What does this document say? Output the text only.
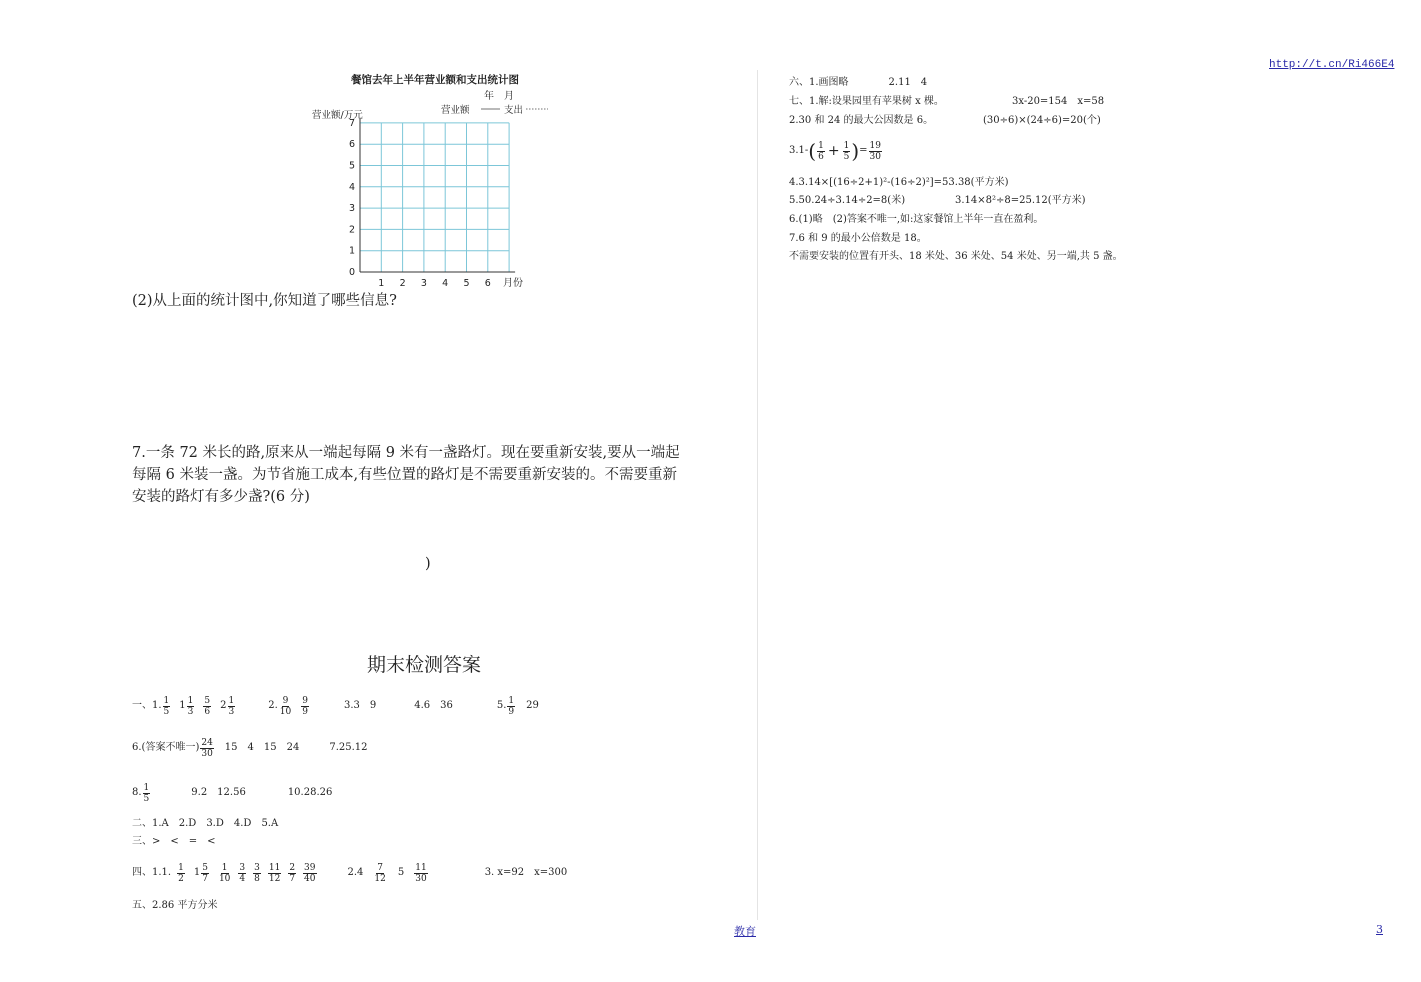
http://t.cn/Ri466E4
餐馆去年上半年营业额和支出统计图
年　月
营业额/万元	营业额	支出
0
1
2
3
4
5
6
7
1 2 3 4 5 6 月份
(2)从上面的统计图中,你知道了哪些信息?
7.一条 72 米长的路,原来从一端起每隔 9 米有一盏路灯。现在要重新安装,要从一端起
每隔 6 米装一盏。为节省施工成本,有些位置的路灯是不需要重新安装的。不需要重新
安装的路灯有多少盏?(6 分)
)
期末检测答案
一、1. $\frac{1}{5} 1 \frac{1}{3} \frac{5}{6} 2 \frac{1}{3}$	2. $\frac{9}{10} \frac{9}{9}$	3.3　9	4.6　36	5. $\frac{1}{9} 29$
6.(答案不唯一) $\frac{24}{30} 15$　4　15　24	7.25.12
8. $\frac{1}{5}$	9.2　12.56	10.28.26
二、1.A　2.D　3.D　4.D　5.A
三、>　<　=　<
四、1.1. $\frac{1}{2} 1 \frac{5}{7} \frac{1}{10} \frac{3}{4} \frac{3}{8} \frac{11}{12} \frac{2}{7} \frac{39}{40}$	$2.4 \frac{7}{12} 5 \frac{11}{30}$	3. x=92　x=300
五、2.86 平方分米
教育	3
六、1.画图略　　　　2.11　4
七、1.解:设果园里有苹果树 x 棵。	3x-20=154　x=58
2.30 和 24 的最大公因数是 6。	(30÷6)×(24÷6)=20(个)
3.1- ( $\frac{1}{6} + \frac{1}{5}$ ) = $\frac{19}{30}$
4.3.14×[(16÷2+1)²-(16÷2)²]=53.38(平方米)
5.50.24÷3.14÷2=8(米)	3.14×8²÷8=25.12(平方米)
6.(1)略　(2)答案不唯一,如:这家餐馆上半年一直在盈利。
7.6 和 9 的最小公倍数是 18。
不需要安装的位置有开头、18 米处、36 米处、54 米处、另一端,共 5 盏。
